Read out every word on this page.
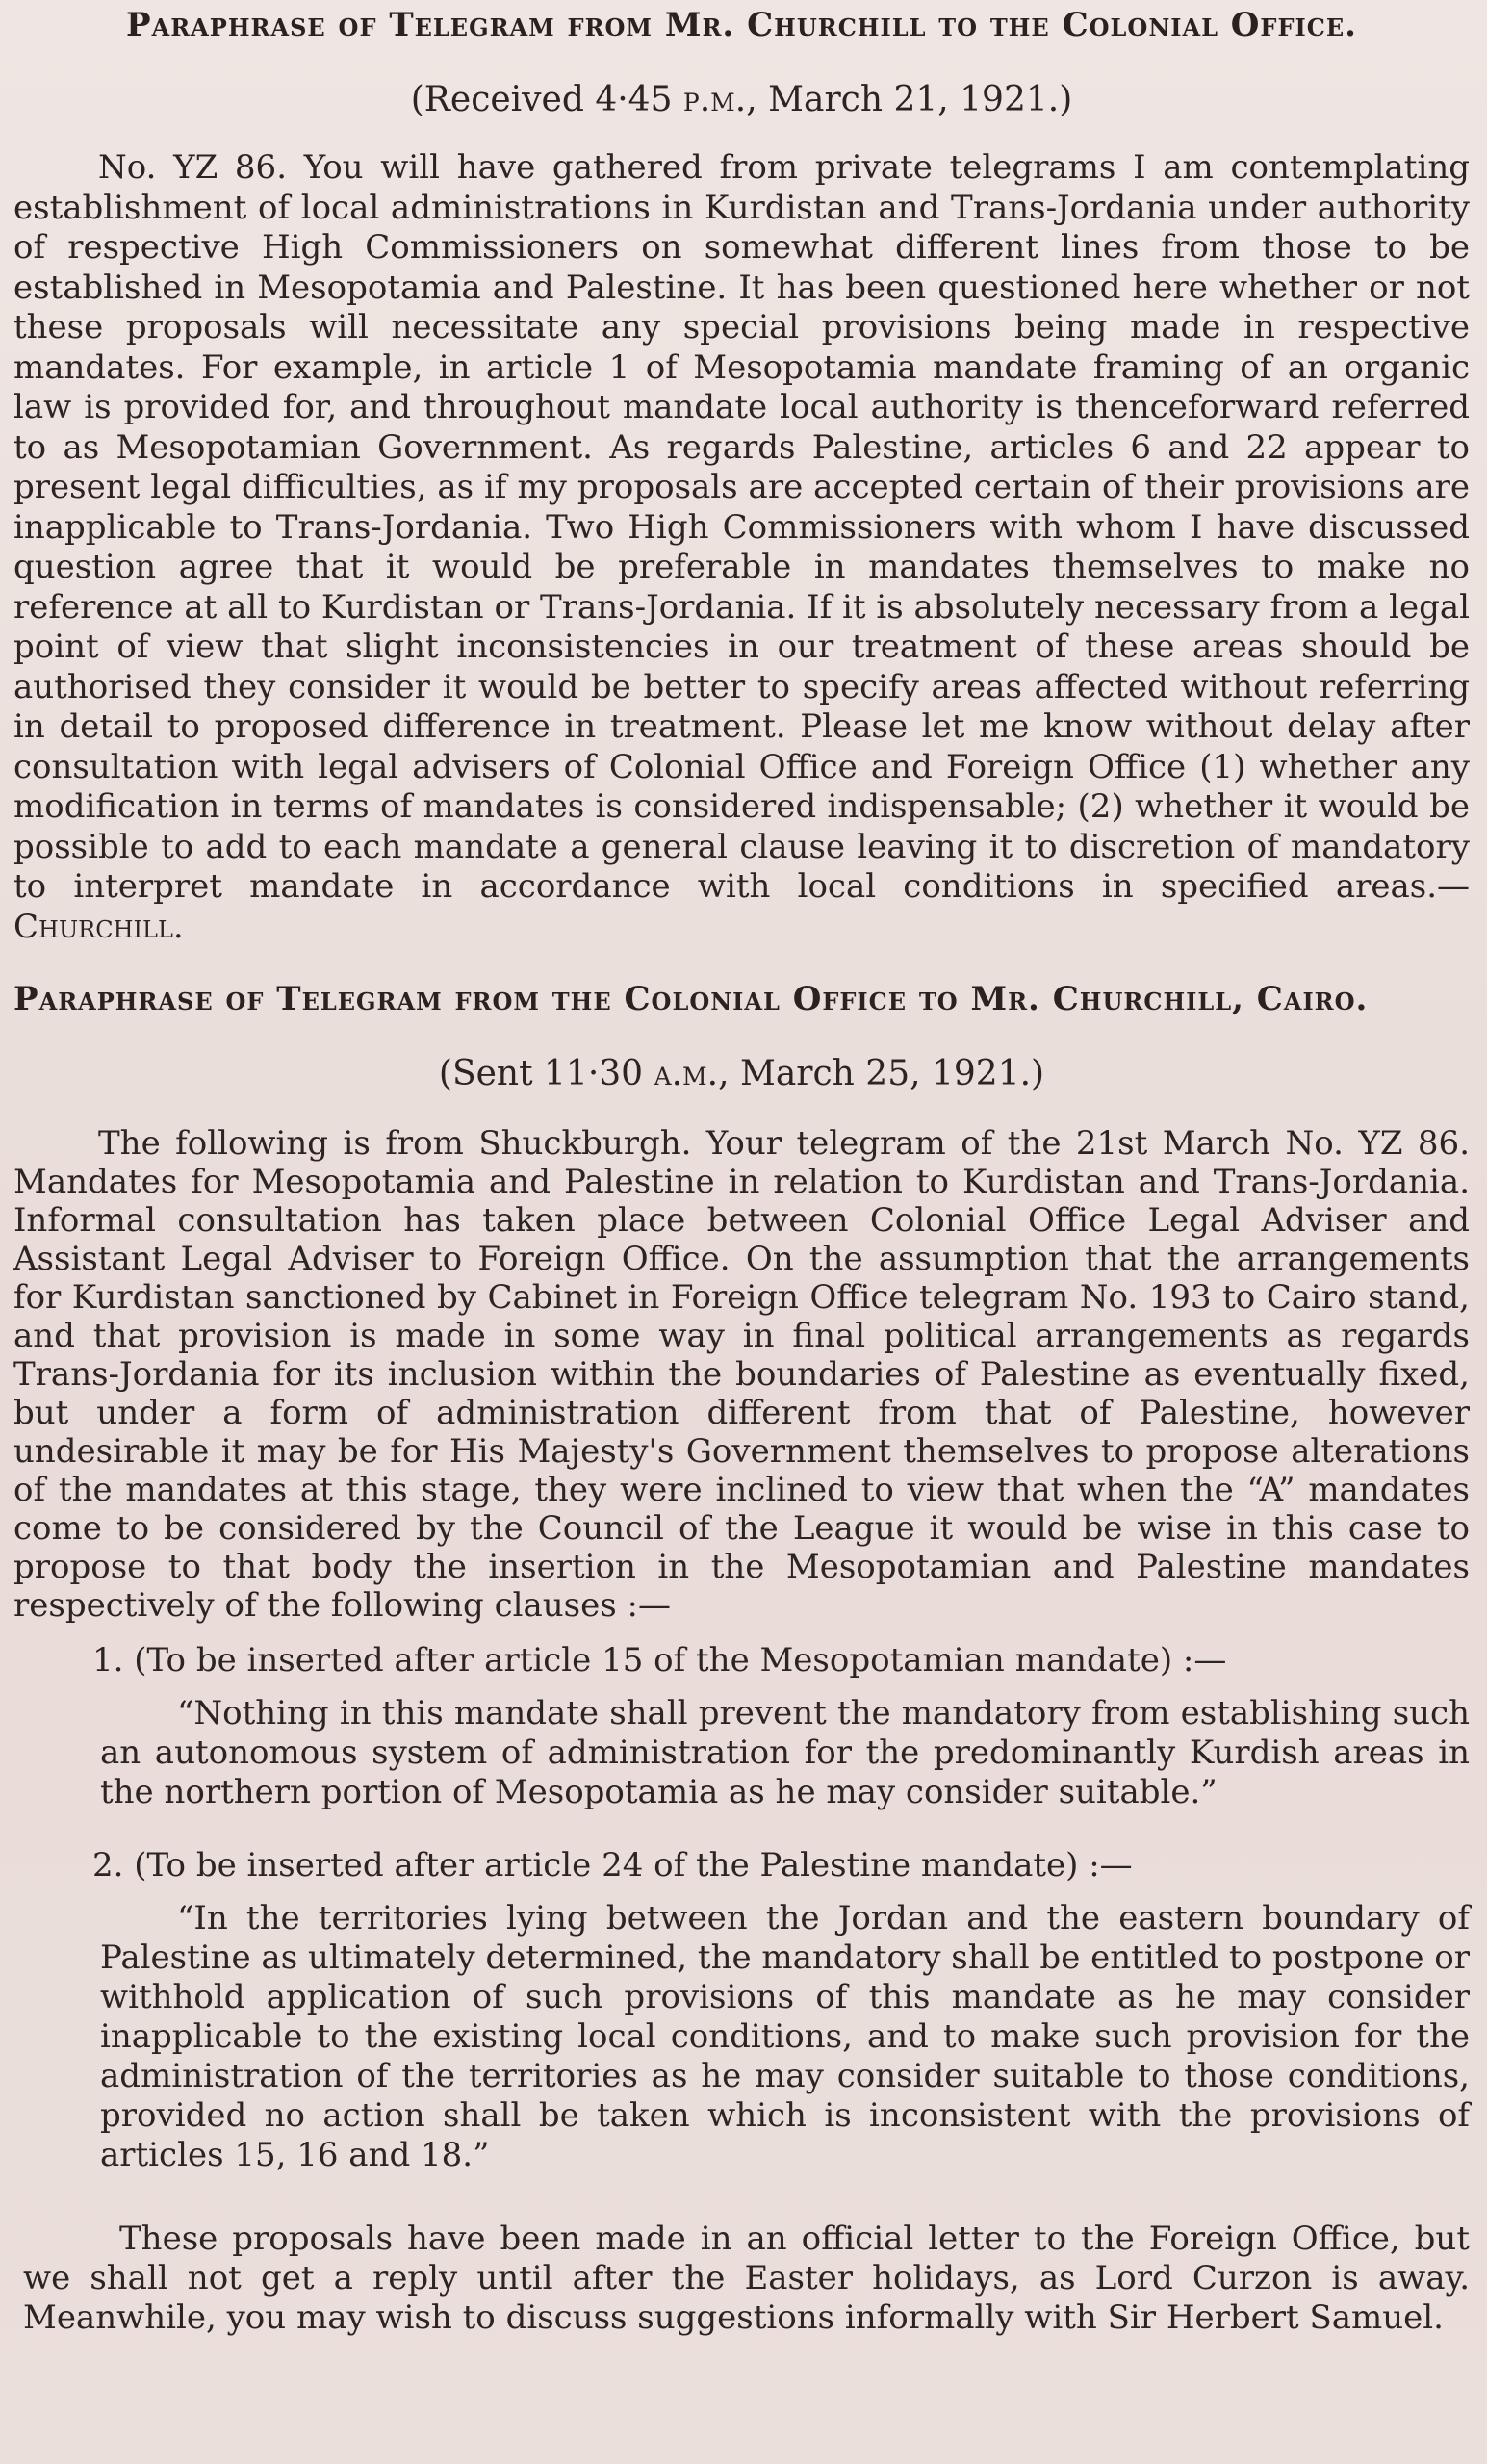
Paraphrase of Telegram from Mr. Churchill to the Colonial Office.
(Received 4·45 p.m., March 21, 1921.)

No. YZ 86. You will have gathered from private telegrams I am contemplating establishment of local administrations in Kurdistan and Trans-Jordania under authority of respective High Commissioners on somewhat different lines from those to be established in Mesopotamia and Palestine. It has been questioned here whether or not these proposals will necessitate any special provisions being made in respective mandates. For example, in article 1 of Mesopotamia mandate framing of an organic law is provided for, and throughout mandate local authority is thenceforward referred to as Mesopotamian Government. As regards Palestine, articles 6 and 22 appear to present legal difficulties, as if my proposals are accepted certain of their provisions are inapplicable to Trans-Jordania. Two High Commissioners with whom I have discussed question agree that it would be preferable in mandates themselves to make no reference at all to Kurdistan or Trans-Jordania. If it is absolutely necessary from a legal point of view that slight inconsistencies in our treatment of these areas should be authorised they consider it would be better to specify areas affected without referring in detail to proposed difference in treatment. Please let me know without delay after consultation with legal advisers of Colonial Office and Foreign Office (1) whether any modification in terms of mandates is considered indispensable; (2) whether it would be possible to add to each mandate a general clause leaving it to discretion of mandatory to interpret mandate in accordance with local conditions in specified areas.—Churchill.

Paraphrase of Telegram from the Colonial Office to Mr. Churchill, Cairo.
(Sent 11·30 a.m., March 25, 1921.)

The following is from Shuckburgh. Your telegram of the 21st March No. YZ 86. Mandates for Mesopotamia and Palestine in relation to Kurdistan and Trans-Jordania. Informal consultation has taken place between Colonial Office Legal Adviser and Assistant Legal Adviser to Foreign Office. On the assumption that the arrangements for Kurdistan sanctioned by Cabinet in Foreign Office telegram No. 193 to Cairo stand, and that provision is made in some way in final political arrangements as regards Trans-Jordania for its inclusion within the boundaries of Palestine as eventually fixed, but under a form of administration different from that of Palestine, however undesirable it may be for His Majesty's Government themselves to propose alterations of the mandates at this stage, they were inclined to view that when the “A” mandates come to be considered by the Council of the League it would be wise in this case to propose to that body the insertion in the Mesopotamian and Palestine mandates respectively of the following clauses :—

1. (To be inserted after article 15 of the Mesopotamian mandate) :—

“Nothing in this mandate shall prevent the mandatory from establishing such an autonomous system of administration for the predominantly Kurdish areas in the northern portion of Mesopotamia as he may consider suitable.”

2. (To be inserted after article 24 of the Palestine mandate) :—

“In the territories lying between the Jordan and the eastern boundary of Palestine as ultimately determined, the mandatory shall be entitled to postpone or withhold application of such provisions of this mandate as he may consider inapplicable to the existing local conditions, and to make such provision for the administration of the territories as he may consider suitable to those conditions, provided no action shall be taken which is inconsistent with the provisions of articles 15, 16 and 18.”

These proposals have been made in an official letter to the Foreign Office, but we shall not get a reply until after the Easter holidays, as Lord Curzon is away. Meanwhile, you may wish to discuss suggestions informally with Sir Herbert Samuel.
